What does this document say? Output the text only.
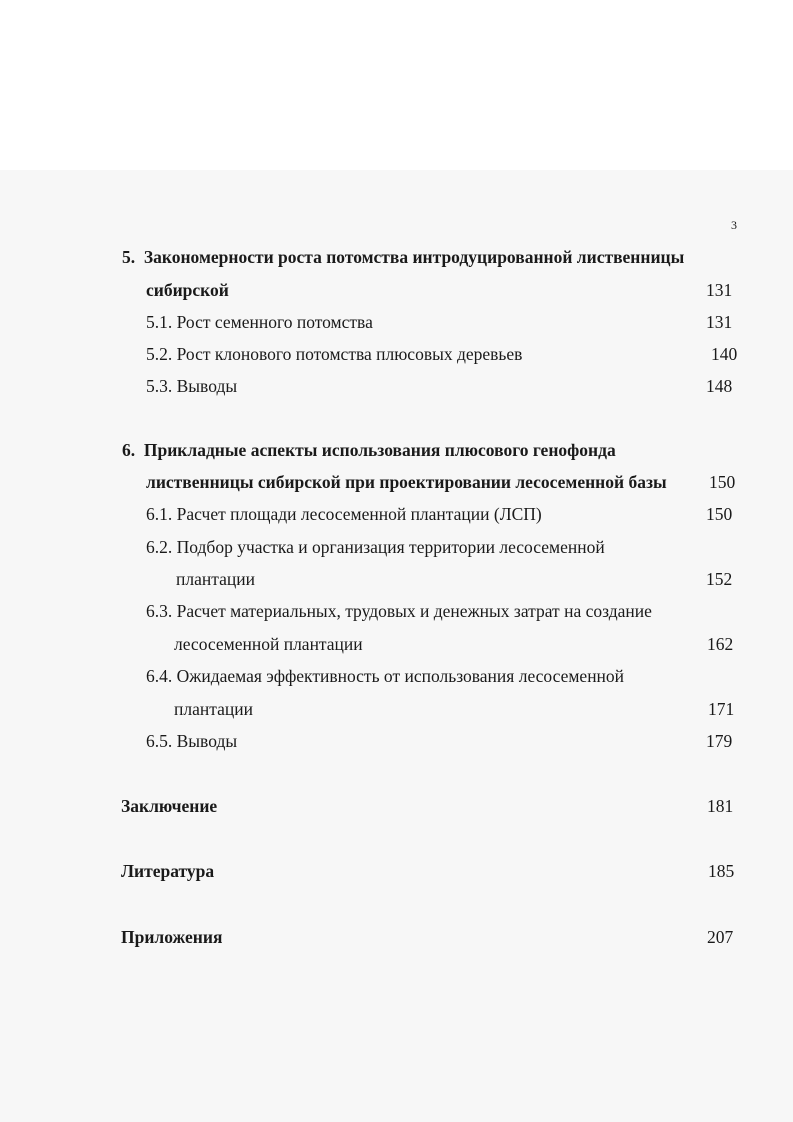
3
5. Закономерности роста потомства интродуцированной лиственницы
сибирской	131
5.1. Рост семенного потомства	131
5.2. Рост клонового потомства плюсовых деревьев	140
5.3. Выводы	148
6. Прикладные аспекты использования плюсового генофонда
лиственницы сибирской при проектировании лесосеменной базы 150
6.1. Расчет площади лесосеменной плантации (ЛСП)	150
6.2. Подбор участка и организация территории лесосеменной
плантации	152
6.3. Расчет материальных, трудовых и денежных затрат на создание
лесосеменной плантации	162
6.4. Ожидаемая эффективность от использования лесосеменной
плантации	171
6.5. Выводы	179
Заключение	181
Литература	185
Приложения	207
